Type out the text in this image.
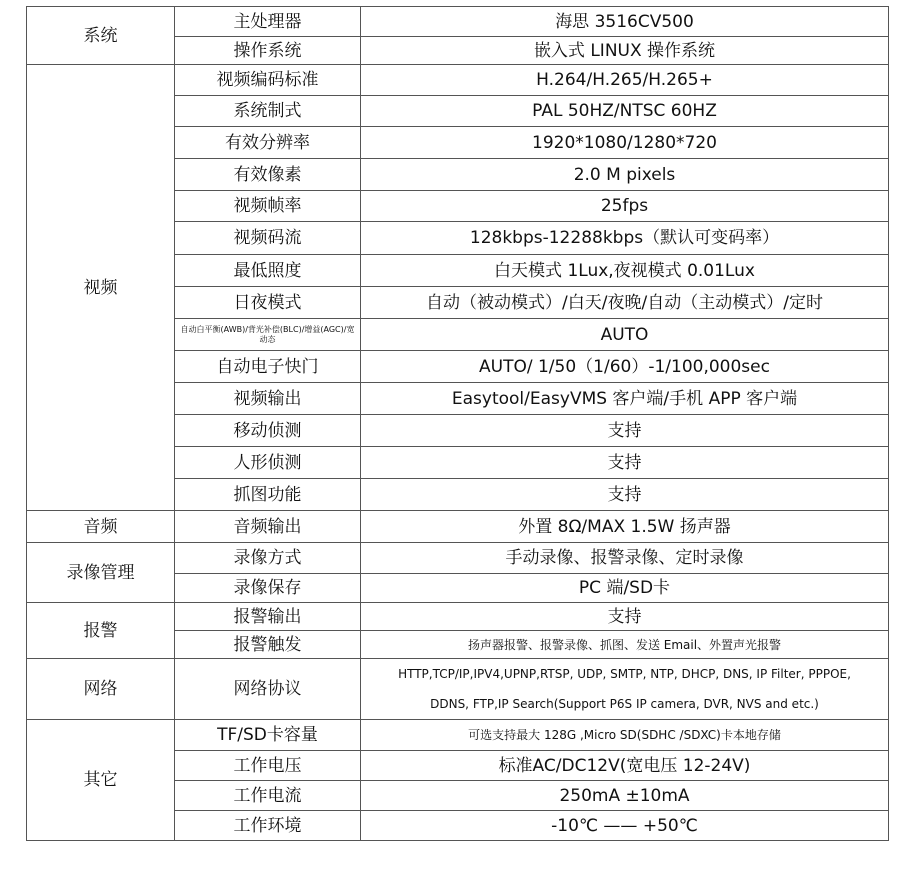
系统	主处理器	海思 3516CV500
	操作系统	嵌入式 LINUX 操作系统
视频	视频编码标准	H.264/H.265/H.265+
	系统制式	PAL 50HZ/NTSC 60HZ
	有效分辨率	1920*1080/1280*720
	有效像素	2.0 M pixels
	视频帧率	25fps
	视频码流	128kbps-12288kbps（默认可变码率）
	最低照度	白天模式 1Lux,夜视模式 0.01Lux
	日夜模式	自动（被动模式）/白天/夜晚/自动（主动模式）/定时
	自动白平衡(AWB)/背光补偿(BLC)/增益(AGC)/宽动态	AUTO
	自动电子快门	AUTO/ 1/50（1/60）-1/100,000sec
	视频输出	Easytool/EasyVMS 客户端/手机 APP 客户端
	移动侦测	支持
	人形侦测	支持
	抓图功能	支持
音频	音频输出	外置 8Ω/MAX 1.5W 扬声器
录像管理	录像方式	手动录像、报警录像、定时录像
	录像保存	PC 端/SD卡
报警	报警输出	支持
	报警触发	扬声器报警、报警录像、抓图、发送 Email、外置声光报警
网络	网络协议	HTTP,TCP/IP,IPV4,UPNP,RTSP, UDP, SMTP, NTP, DHCP, DNS, IP Filter, PPPOE,
DDNS, FTP,IP Search(Support P6S IP camera, DVR, NVS and etc.)

其它	TF/SD卡容量	可选支持最大 128G ,Micro SD(SDHC /SDXC)卡本地存储
	工作电压	标准AC/DC12V(宽电压 12-24V)
	工作电流	250mA ±10mA
	工作环境	-10℃ —— +50℃
